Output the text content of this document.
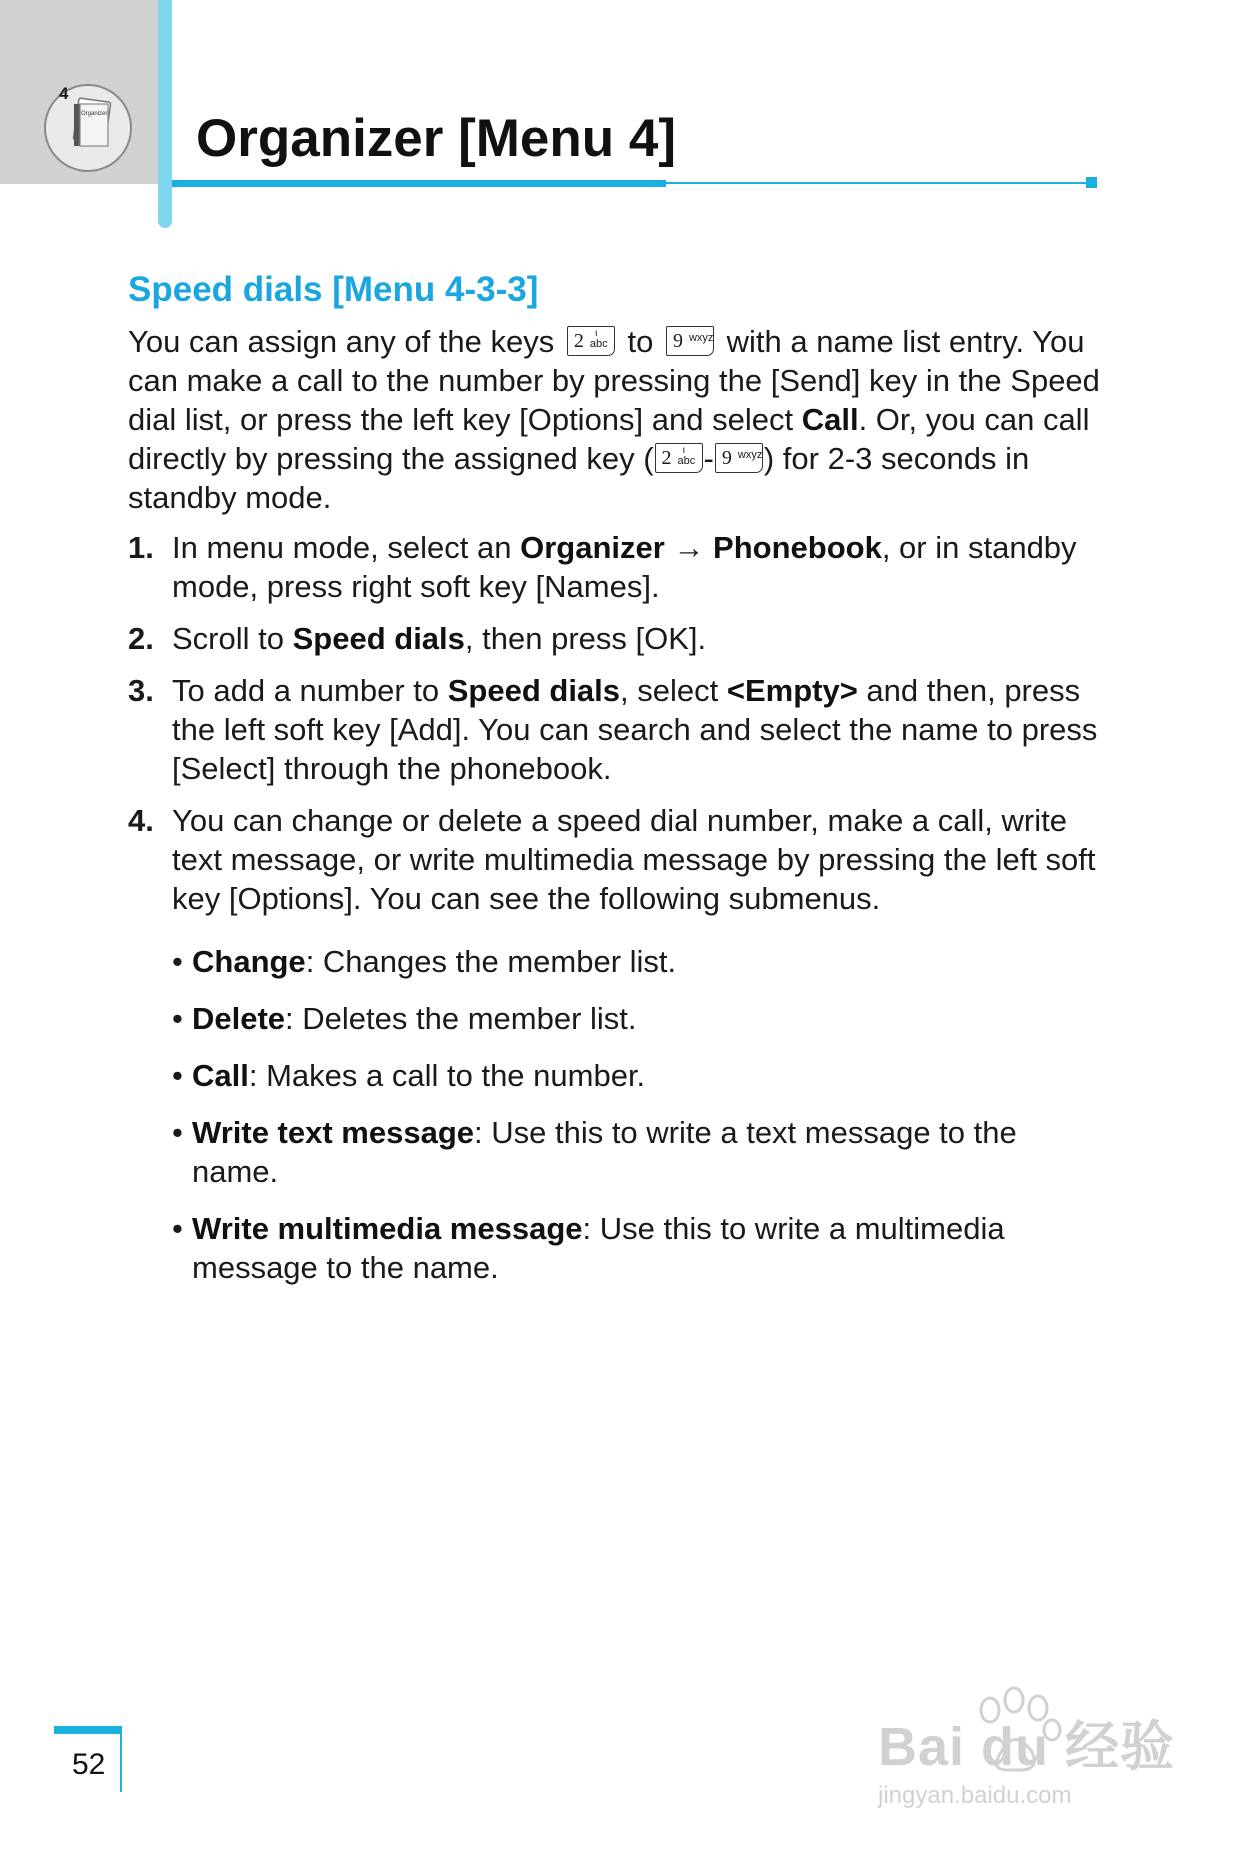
4
Organizer Organizer [Menu 4]
Speed dials [Menu 4-3-3]
You can assign any of the keys 2 ı
abc to 9 wxyz with a name list entry. You can make a call to the number by pressing the [Send] key in the Speed dial list, or press the left key [Options] and select Call. Or, you can call directly by pressing the assigned key ( 2 ı
abc - 9 wxyz ) for 2-3 seconds in standby mode.
1. In menu mode, select an Organizer → Phonebook, or in standby mode, press right soft key [Names].
2. Scroll to Speed dials, then press [OK].
3. To add a number to Speed dials, select <Empty> and then, press the left soft key [Add]. You can search and select the name to press [Select] through the phonebook.
4. You can change or delete a speed dial number, make a call, write text message, or write multimedia message by pressing the left soft key [Options]. You can see the following submenus.
• Change: Changes the member list.
• Delete: Deletes the member list.
• Call: Makes a call to the number.
• Write text message: Use this to write a text message to the name.
• Write multimedia message: Use this to write a multimedia message to the name.
52	Bai du 经验
jingyan.baidu.com
